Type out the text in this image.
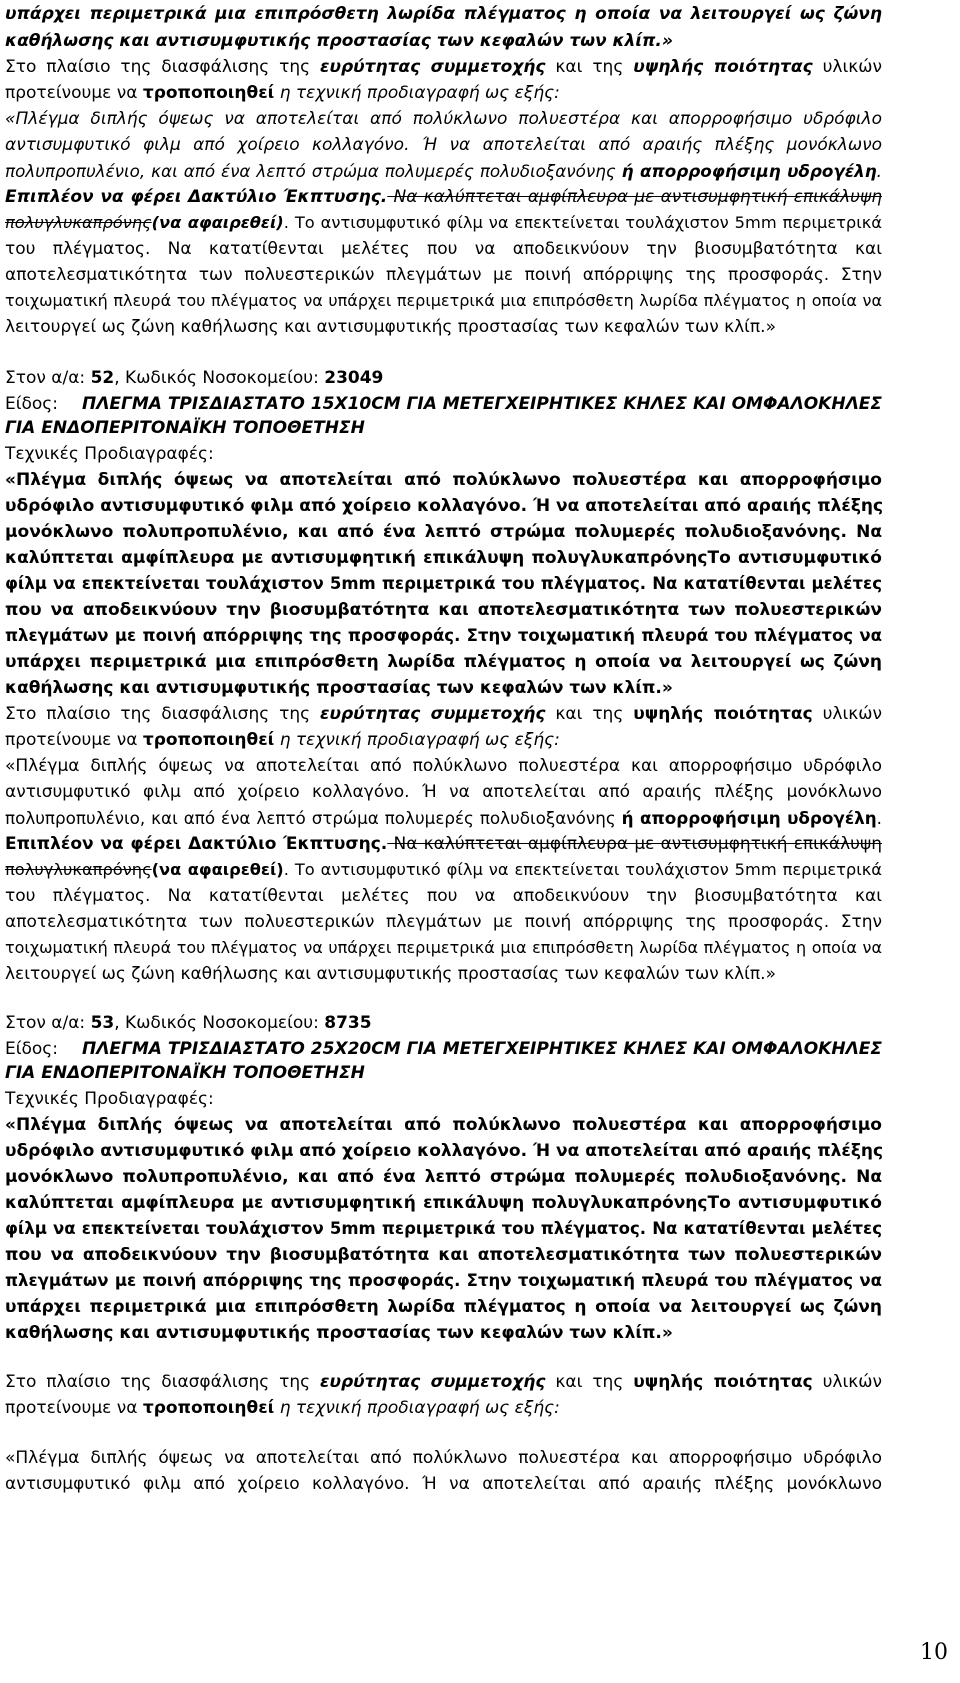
υπάρχει περιμετρικά μια επιπρόσθετη λωρίδα πλέγματος η οποία να λειτουργεί ως ζώνη
καθήλωσης και αντισυμφυτικής προστασίας των κεφαλών των κλίπ.»
Στο πλαίσιο της διασφάλισης της ευρύτητας συμμετοχής και της υψηλής ποιότητας υλικών
προτείνουμε να τροποποιηθεί η τεχνική προδιαγραφή ως εξής:
«Πλέγμα διπλής όψεως να αποτελείται από πολύκλωνο πολυεστέρα και απορροφήσιμο υδρόφιλο
αντισυμφυτικό φιλμ από χοίρειο κολλαγόνο. Ή να αποτελείται από αραιής πλέξης μονόκλωνο
πολυπροπυλένιο, και από ένα λεπτό στρώμα πολυμερές πολυδιοξανόνης ή απορροφήσιμη υδρογέλη.
Επιπλέον να φέρει Δακτύλιο Έκπτυσης. Να καλύπτεται αμφίπλευρα με αντισυμφητική επικάλυψη
πολυγλυκαπρόνης(να αφαιρεθεί). Το αντισυμφυτικό φίλμ να επεκτείνεται τουλάχιστον 5mm περιμετρικά
του πλέγματος. Να κατατίθενται μελέτες που να αποδεικνύουν την βιοσυμβατότητα και
αποτελεσματικότητα των πολυεστερικών πλεγμάτων με ποινή απόρριψης της προσφοράς. Στην
τοιχωματική πλευρά του πλέγματος να υπάρχει περιμετρικά μια επιπρόσθετη λωρίδα πλέγματος η οποία να
λειτουργεί ως ζώνη καθήλωσης και αντισυμφυτικής προστασίας των κεφαλών των κλίπ.»
Στον α/α: 52, Κωδικός Νοσοκομείου: 23049
Είδος: ΠΛΕΓΜΑ ΤΡΙΣΔΙΑΣΤΑΤΟ 15Χ10CM ΓΙΑ ΜΕΤΕΓΧΕΙΡΗΤΙΚΕΣ ΚΗΛΕΣ ΚΑΙ ΟΜΦΑΛΟΚΗΛΕΣ
ΓΙΑ ΕΝΔΟΠΕΡΙΤΟΝΑΪΚΗ ΤΟΠΟΘΕΤΗΣΗ
Τεχνικές Προδιαγραφές:
«Πλέγμα διπλής όψεως να αποτελείται από πολύκλωνο πολυεστέρα και απορροφήσιμο
υδρόφιλο αντισυμφυτικό φιλμ από χοίρειο κολλαγόνο. Ή να αποτελείται από αραιής πλέξης
μονόκλωνο πολυπροπυλένιο, και από ένα λεπτό στρώμα πολυμερές πολυδιοξανόνης. Να
καλύπτεται αμφίπλευρα με αντισυμφητική επικάλυψη πολυγλυκαπρόνηςΤο αντισυμφυτικό
φίλμ να επεκτείνεται τουλάχιστον 5mm περιμετρικά του πλέγματος. Να κατατίθενται μελέτες
που να αποδεικνύουν την βιοσυμβατότητα και αποτελεσματικότητα των πολυεστερικών
πλεγμάτων με ποινή απόρριψης της προσφοράς. Στην τοιχωματική πλευρά του πλέγματος να
υπάρχει περιμετρικά μια επιπρόσθετη λωρίδα πλέγματος η οποία να λειτουργεί ως ζώνη
καθήλωσης και αντισυμφυτικής προστασίας των κεφαλών των κλίπ.»
Στο πλαίσιο της διασφάλισης της ευρύτητας συμμετοχής και της υψηλής ποιότητας υλικών
προτείνουμε να τροποποιηθεί η τεχνική προδιαγραφή ως εξής:
«Πλέγμα διπλής όψεως να αποτελείται από πολύκλωνο πολυεστέρα και απορροφήσιμο υδρόφιλο
αντισυμφυτικό φιλμ από χοίρειο κολλαγόνο. Ή να αποτελείται από αραιής πλέξης μονόκλωνο
πολυπροπυλένιο, και από ένα λεπτό στρώμα πολυμερές πολυδιοξανόνης ή απορροφήσιμη υδρογέλη.
Επιπλέον να φέρει Δακτύλιο Έκπτυσης. Να καλύπτεται αμφίπλευρα με αντισυμφητική επικάλυψη
πολυγλυκαπρόνης(να αφαιρεθεί). Το αντισυμφυτικό φίλμ να επεκτείνεται τουλάχιστον 5mm περιμετρικά
του πλέγματος. Να κατατίθενται μελέτες που να αποδεικνύουν την βιοσυμβατότητα και
αποτελεσματικότητα των πολυεστερικών πλεγμάτων με ποινή απόρριψης της προσφοράς. Στην
τοιχωματική πλευρά του πλέγματος να υπάρχει περιμετρικά μια επιπρόσθετη λωρίδα πλέγματος η οποία να
λειτουργεί ως ζώνη καθήλωσης και αντισυμφυτικής προστασίας των κεφαλών των κλίπ.»
Στον α/α: 53, Κωδικός Νοσοκομείου: 8735
Είδος: ΠΛΕΓΜΑ ΤΡΙΣΔΙΑΣΤΑΤΟ 25Χ20CM ΓΙΑ ΜΕΤΕΓΧΕΙΡΗΤΙΚΕΣ ΚΗΛΕΣ ΚΑΙ ΟΜΦΑΛΟΚΗΛΕΣ
ΓΙΑ ΕΝΔΟΠΕΡΙΤΟΝΑΪΚΗ ΤΟΠΟΘΕΤΗΣΗ
Τεχνικές Προδιαγραφές:
«Πλέγμα διπλής όψεως να αποτελείται από πολύκλωνο πολυεστέρα και απορροφήσιμο
υδρόφιλο αντισυμφυτικό φιλμ από χοίρειο κολλαγόνο. Ή να αποτελείται από αραιής πλέξης
μονόκλωνο πολυπροπυλένιο, και από ένα λεπτό στρώμα πολυμερές πολυδιοξανόνης. Να
καλύπτεται αμφίπλευρα με αντισυμφητική επικάλυψη πολυγλυκαπρόνηςΤο αντισυμφυτικό
φίλμ να επεκτείνεται τουλάχιστον 5mm περιμετρικά του πλέγματος. Να κατατίθενται μελέτες
που να αποδεικνύουν την βιοσυμβατότητα και αποτελεσματικότητα των πολυεστερικών
πλεγμάτων με ποινή απόρριψης της προσφοράς. Στην τοιχωματική πλευρά του πλέγματος να
υπάρχει περιμετρικά μια επιπρόσθετη λωρίδα πλέγματος η οποία να λειτουργεί ως ζώνη
καθήλωσης και αντισυμφυτικής προστασίας των κεφαλών των κλίπ.»
Στο πλαίσιο της διασφάλισης της ευρύτητας συμμετοχής και της υψηλής ποιότητας υλικών
προτείνουμε να τροποποιηθεί η τεχνική προδιαγραφή ως εξής:
«Πλέγμα διπλής όψεως να αποτελείται από πολύκλωνο πολυεστέρα και απορροφήσιμο υδρόφιλο
αντισυμφυτικό φιλμ από χοίρειο κολλαγόνο. Ή να αποτελείται από αραιής πλέξης μονόκλωνο
10
